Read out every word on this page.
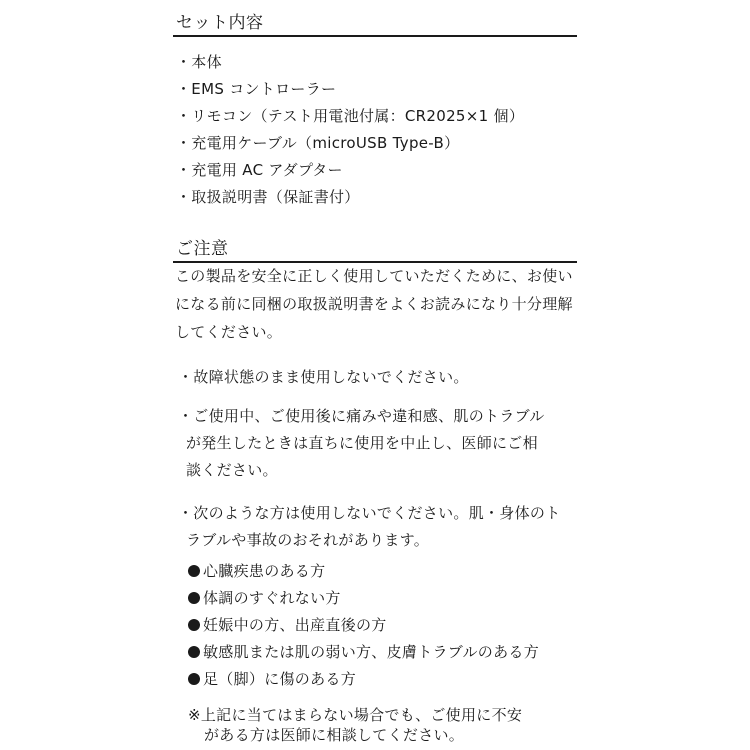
セット内容
・本体
・EMS コントローラー
・リモコン（テスト用電池付属：CR2025×1 個）
・充電用ケーブル（microUSB Type-B）
・充電用 AC アダプター
・取扱説明書（保証書付）
ご注意
この製品を安全に正しく使用していただくために、お使い
になる前に同梱の取扱説明書をよくお読みになり十分理解
してください。
・故障状態のまま使用しないでください。
・ご使用中、ご使用後に痛みや違和感、肌のトラブル
が発生したときは直ちに使用を中止し、医師にご相
談ください。
・次のような方は使用しないでください。肌・身体のト
ラブルや事故のおそれがあります。
心臓疾患のある方
体調のすぐれない方
妊娠中の方、出産直後の方
敏感肌または肌の弱い方、皮膚トラブルのある方
足（脚）に傷のある方
※上記に当てはまらない場合でも、ご使用に不安
がある方は医師に相談してください。
